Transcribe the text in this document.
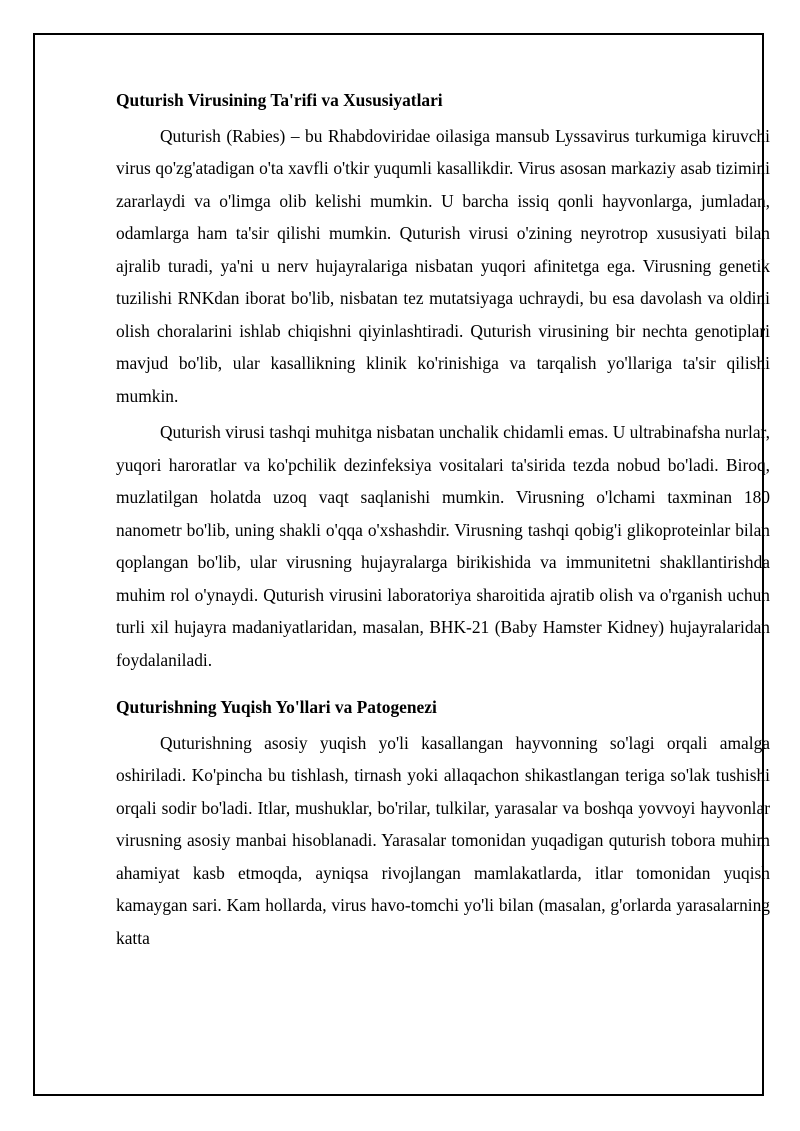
Quturish Virusining Ta'rifi va Xususiyatlari

Quturish (Rabies) – bu Rhabdoviridae oilasiga mansub Lyssavirus turkumiga kiruvchi virus qo'zg'atadigan o'ta xavfli o'tkir yuqumli kasallikdir. Virus asosan markaziy asab tizimini zararlaydi va o'limga olib kelishi mumkin. U barcha issiq qonli hayvonlarga, jumladan, odamlarga ham ta'sir qilishi mumkin. Quturish virusi o'zining neyrotrop xususiyati bilan ajralib turadi, ya'ni u nerv hujayralariga nisbatan yuqori afinitetga ega. Virusning genetik tuzilishi RNKdan iborat bo'lib, nisbatan tez mutatsiyaga uchraydi, bu esa davolash va oldini olish choralarini ishlab chiqishni qiyinlashtiradi. Quturish virusining bir nechta genotiplari mavjud bo'lib, ular kasallikning klinik ko'rinishiga va tarqalish yo'llariga ta'sir qilishi mumkin.

Quturish virusi tashqi muhitga nisbatan unchalik chidamli emas. U ultrabinafsha nurlar, yuqori haroratlar va ko'pchilik dezinfeksiya vositalari ta'sirida tezda nobud bo'ladi. Biroq, muzlatilgan holatda uzoq vaqt saqlanishi mumkin. Virusning o'lchami taxminan 180 nanometr bo'lib, uning shakli o'qqa o'xshashdir. Virusning tashqi qobig'i glikoproteinlar bilan qoplangan bo'lib, ular virusning hujayralarga birikishida va immunitetni shakllantirishda muhim rol o'ynaydi. Quturish virusini laboratoriya sharoitida ajratib olish va o'rganish uchun turli xil hujayra madaniyatlaridan, masalan, BHK-21 (Baby Hamster Kidney) hujayralaridan foydalaniladi.

Quturishning Yuqish Yo'llari va Patogenezi

Quturishning asosiy yuqish yo'li kasallangan hayvonning so'lagi orqali amalga oshiriladi. Ko'pincha bu tishlash, tirnash yoki allaqachon shikastlangan teriga so'lak tushishi orqali sodir bo'ladi. Itlar, mushuklar, bo'rilar, tulkilar, yarasalar va boshqa yovvoyi hayvonlar virusning asosiy manbai hisoblanadi. Yarasalar tomonidan yuqadigan quturish tobora muhim ahamiyat kasb etmoqda, ayniqsa rivojlangan mamlakatlarda, itlar tomonidan yuqish kamaygan sari. Kam hollarda, virus havo-tomchi yo'li bilan (masalan, g'orlarda yarasalarning katta
